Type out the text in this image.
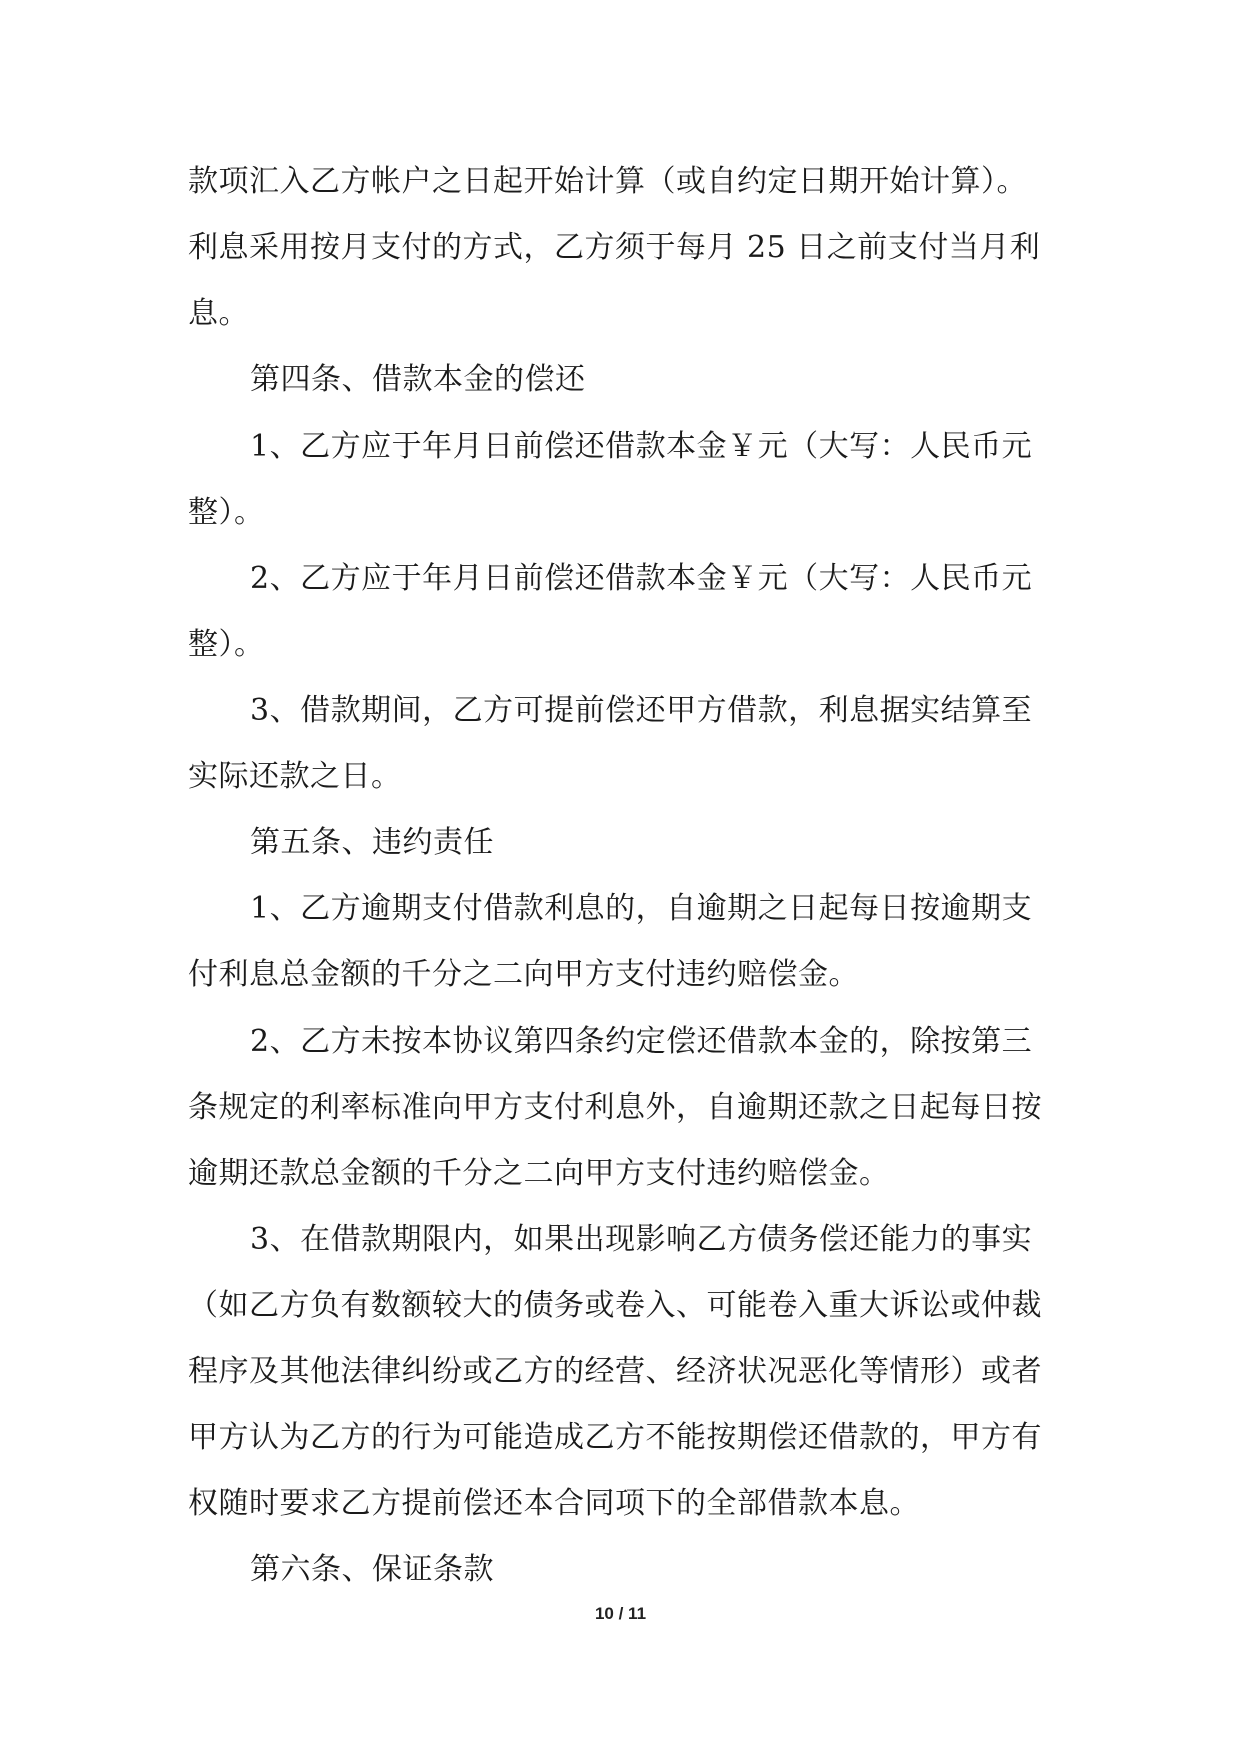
款项汇入乙方帐户之日起开始计算（或自约定日期开始计算）。
利息采用按月支付的方式，乙方须于每月 25 日之前支付当月利
息。
第四条、借款本金的偿还
1、乙方应于年月日前偿还借款本金￥元（大写：人民币元
整）。
2、乙方应于年月日前偿还借款本金￥元（大写：人民币元
整）。
3、借款期间，乙方可提前偿还甲方借款，利息据实结算至
实际还款之日。
第五条、违约责任
1、乙方逾期支付借款利息的，自逾期之日起每日按逾期支
付利息总金额的千分之二向甲方支付违约赔偿金。
2、乙方未按本协议第四条约定偿还借款本金的，除按第三
条规定的利率标准向甲方支付利息外，自逾期还款之日起每日按
逾期还款总金额的千分之二向甲方支付违约赔偿金。
3、在借款期限内，如果出现影响乙方债务偿还能力的事实
（如乙方负有数额较大的债务或卷入、可能卷入重大诉讼或仲裁
程序及其他法律纠纷或乙方的经营、经济状况恶化等情形）或者
甲方认为乙方的行为可能造成乙方不能按期偿还借款的，甲方有
权随时要求乙方提前偿还本合同项下的全部借款本息。
第六条、保证条款
10 / 11
